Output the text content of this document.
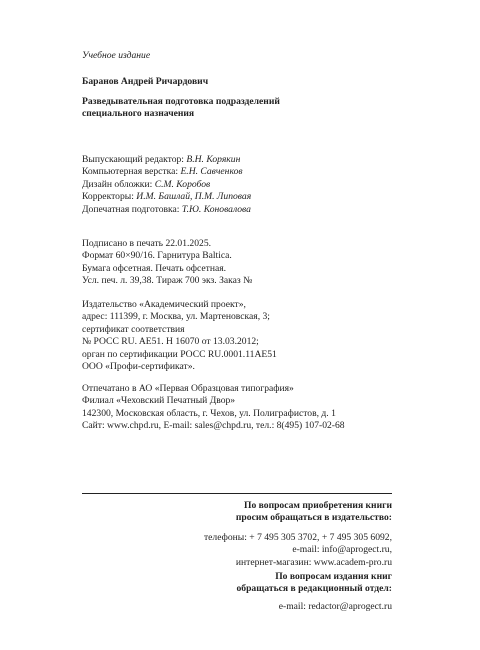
Учебное издание
Баранов Андрей Ричардович
Разведывательная подготовка подразделений
специального назначения
Выпускающий редактор: В.Н. Корякин
Компьютерная верстка: Е.Н. Савченков
Дизайн обложки: С.М. Коробов
Корректоры: И.М. Башлай, П.М. Липовая
Допечатная подготовка: Т.Ю. Коновалова
Подписано в печать 22.01.2025.
Формат 60×90/16. Гарнитура Baltica.
Бумага офсетная. Печать офсетная.
Усл. печ. л. 39,38. Тираж 700 экз. Заказ №
Издательство «Академический проект»,
адрес: 111399, г. Москва, ул. Мартеновская, 3;
сертификат соответствия
№ РОСС RU. AE51. H 16070 от 13.03.2012;
орган по сертификации РОСС RU.0001.11AE51
ООО «Профи-сертификат».
Отпечатано в АО «Первая Образцовая типография»
Филиал «Чеховский Печатный Двор»
142300, Московская область, г. Чехов, ул. Полиграфистов, д. 1
Сайт: www.chpd.ru, E-mail: sales@chpd.ru, тел.: 8(495) 107-02-68
По вопросам приобретения книги
просим обращаться в издательство:
телефоны: + 7 495 305 3702, + 7 495 305 6092,
e-mail: info@aprogect.ru,
интернет-магазин: www.academ-pro.ru
По вопросам издания книг
обращаться в редакционный отдел:
e-mail: redactor@aprogect.ru
